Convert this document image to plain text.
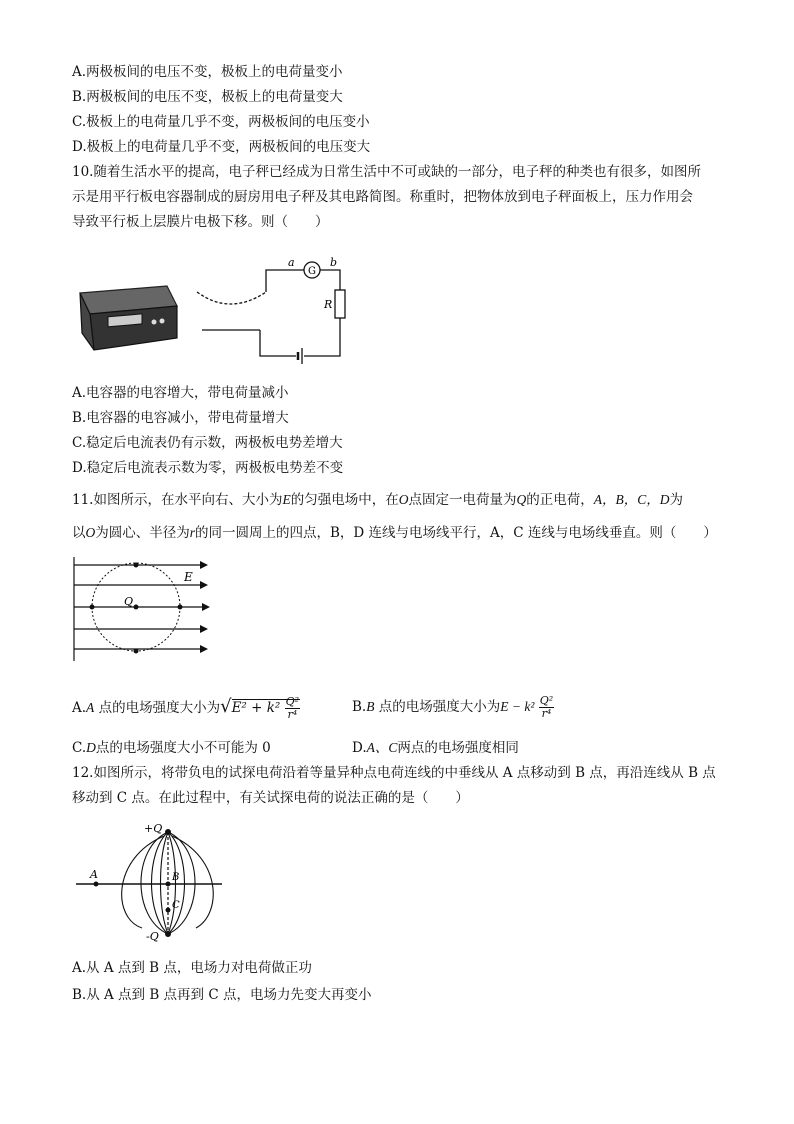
A.两极板间的电压不变，极板上的电荷量变小
B.两极板间的电压不变，极板上的电荷量变大
C.极板上的电荷量几乎不变，两极板间的电压变小
D.极板上的电荷量几乎不变，两极板间的电压变大
10.随着生活水平的提高，电子秤已经成为日常生活中不可或缺的一部分，电子秤的种类也有很多，如图所
示是用平行板电容器制成的厨房用电子秤及其电路简图。称重时，把物体放到电子秤面板上，压力作用会
导致平行板上层膜片电极下移。则（　　）
G
a	b
R
A.电容器的电容增大，带电荷量减小
B.电容器的电容减小，带电荷量增大
C.稳定后电流表仍有示数，两极板电势差增大
D.稳定后电流表示数为零，两极板电势差不变
11.如图所示，在水平向右、大小为E的匀强电场中，在O点固定一电荷量为Q的正电荷，A，B，C，D为
以O为圆心、半径为r的同一圆周上的四点，B，D 连线与电场线平行，A，C 连线与电场线垂直。则（　　）
E
Q
A.A 点的电场强度大小为$√E^2 + k^2 \frac{\text{Q²}}{\text{r⁴}}$	B.B 点的电场强度大小为$E - k^2 \frac{\text{Q²}}{\text{r⁴}}$
C.D点的电场强度大小不可能为 0	D.A、C两点的电场强度相同
12.如图所示，将带负电的试探电荷沿着等量异种点电荷连线的中垂线从 A 点移动到 B 点，再沿连线从 B 点
移动到 C 点。在此过程中，有关试探电荷的说法正确的是（　　）
+Q
-Q
A	B
C
A.从 A 点到 B 点，电场力对电荷做正功
B.从 A 点到 B 点再到 C 点，电场力先变大再变小
